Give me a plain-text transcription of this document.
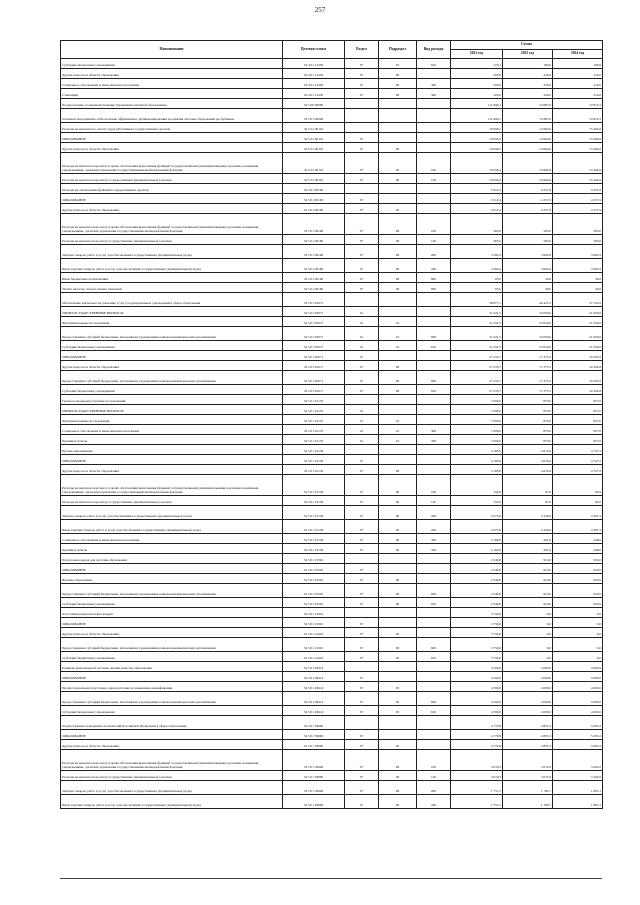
257
Наименование	Целевая статья	Раздел	Подраздел	Вид расхода	Сумма		
					2022 год	2023 год	2024 год
Субсидии бюджетным учреждениям	34 4 01 21450	07	05	610	179,1	190,0	196,9
Другие вопросы в области образования	34 4 01 21450	07	09		320,0	226,0	214,0
Социальное обеспечение и иные выплаты населению	34 4 01 21450	07	09	300	320,0	226,0	214,0
Стипендии	34 4 01 21450	07	09	340	320,0	226,0	214,0
Подпрограмма «Совершенствование управления системой образования»	34 5 00 00000				111 690,1	74 987,6	72 812,5
Основное мероприятие «Обеспечение эффективного функционирования и развития системы образования республики»	34 5 01 00000				111 690,1	74 987,6	72 812,5
Расходы на выплаты по оплате труда работников государственных органов	34 5 01 00110				19 936,2	14 994,6	15 494,6
ОБРАЗОВАНИЕ	34 5 01 00110	07			19 936,2	14 994,6	15 494,6
Другие вопросы в области образования	34 5 01 00110	07	09		19 936,2	14 994,6	15 494,6
Расходы на выплаты персоналу в целях обеспечения выполнения функций государственными (муниципальными) органами, казенными учреждениями, органами управления государственными внебюджетными фондами	34 5 01 00110	07	09	100	19 936,2	14 994,6	15 494,6
Расходы на выплаты персоналу государственных (муниципальных) органов	34 5 01 00110	07	09	120	19 936,2	14 994,6	15 494,6
Расходы на обеспечение функций государственных органов	34 5 01 00190				5 912,4	4 257,9	4 257,9
ОБРАЗОВАНИЕ	34 5 01 00190	07			5 912,4	4 257,9	4 257,9
Другие вопросы в области образования	34 5 01 00190	07	09		5 912,4	4 257,9	4 257,9
Расходы на выплаты персоналу в целях обеспечения выполнения функций государственными (муниципальными) органами, казенными учреждениями, органами управления государственными внебюджетными фондами	34 5 01 00190	07	09	100	565,0	565,0	565,0
Расходы на выплаты персоналу государственных (муниципальных) органов	34 5 01 00190	07	09	120	565,0	565,0	565,0
Закупка товаров, работ и услуг для обеспечения государственных (муниципальных) нужд	34 5 01 00190	07	09	200	5 282,4	3 662,9	3 662,9
Иные закупки товаров, работ и услуг для обеспечения государственных (муниципальных) нужд	34 5 01 00190	07	09	240	5 282,4	3 662,9	3 662,9
Иные бюджетные ассигнования	34 5 01 00190	07	09	800	65,0	30,0	30,0
Уплата налогов, сборов и иных платежей	34 5 01 00190	07	09	850	65,0	30,0	30,0
Обеспечение деятельности (оказание услуг) государственных учреждений в сфере образования	34 5 01 05071				58 877,1	40 425,5	37 552,6
ОБЩЕГОСУДАРСТВЕННЫЕ ВОПРОСЫ	34 5 01 05071	01			31 641,5	23 050,0	21 050,0
Фундаментальные исследования	34 5 01 05071	01	10		31 641,5	23 050,0	21 050,0
Предоставление субсидий бюджетным, автономным учреждениям и иным некоммерческим организациям	34 5 01 05071	01	10	600	31 641,5	23 050,0	21 050,0
Субсидии бюджетным учреждениям	34 5 01 05071	01	10	610	31 641,5	23 050,0	21 050,0
ОБРАЗОВАНИЕ	34 5 01 05071	07			27 235,7	17 375,5	16 502,6
Другие вопросы в области образования	34 5 01 05071	07	09		27 235,7	17 375,5	16 502,6
Предоставление субсидий бюджетным, автономным учреждениям и иным некоммерческим организациям	34 5 01 05071	07	09	600	27 235,7	17 375,5	16 502,6
Субсидии бюджетным учреждениям	34 5 01 05071	07	09	610	27 235,7	17 375,5	16 502,6
Гранты в поддержку научных исследований	34 5 01 10135				7 000,0	870,0	827,0
ОБЩЕГОСУДАРСТВЕННЫЕ ВОПРОСЫ	34 5 01 10135	01			7 000,0	870,0	827,0
Фундаментальные исследования	34 5 01 10135	01	10		7 000,0	870,0	827,0
Социальное обеспечение и иные выплаты населению	34 5 01 10135	01	10	300	7 000,0	870,0	827,0
Премии и гранты	34 5 01 10135	01	10	350	7 000,0	870,0	827,0
Прочие мероприятия	34 5 01 10139				4 183,6	4 674,6	4 727,2
ОБРАЗОВАНИЕ	34 5 01 10139	07			4 183,6	4 674,6	4 727,2
Другие вопросы в области образования	34 5 01 10139	07	09		4 183,6	4 674,6	4 727,2
Расходы на выплаты персоналу в целях обеспечения выполнения функций государственными (муниципальными) органами, казенными учреждениями, органами управления государственными внебюджетными фондами	34 5 01 10139	07	09	100	150,0	87,0	92,0
Расходы на выплаты персоналу государственных (муниципальных) органов	34 5 01 10139	07	09	120	150,0	87,0	92,0
Закупка товаров, работ и услуг для обеспечения государственных (муниципальных) нужд	34 5 01 10139	07	09	200	2 073,6	4 326,6	4 397,2
Иные закупки товаров, работ и услуг для обеспечения государственных (муниципальных) нужд	34 5 01 10139	07	09	240	2 073,6	4 326,6	4 397,2
Социальное обеспечение и иные выплаты населению	34 5 01 10139	07	09	300	2 160,0	261,0	248,0
Премии и гранты	34 5 01 10139	07	09	350	2 160,0	261,0	248,0
Подготовка кадров для системы образования	34 5 01 10361				2 540,0	910,0	950,0
ОБРАЗОВАНИЕ	34 5 01 10361	07			2 540,0	910,0	950,0
Высшее образование	34 5 01 10361	07	06		2 540,0	910,0	950,0
Предоставление субсидий бюджетным, автономным учреждениям и иным некоммерческим организациям	34 5 01 10361	07	06	600	2 540,0	910,0	950,0
Субсидии бюджетным учреждениям	34 5 01 10361	07	06	610	2 540,0	910,0	950,0
Аттестация педагогических кадров	34 5 01 21610				3 750,0	0,0	0,0
ОБРАЗОВАНИЕ	34 5 01 21610	07			3 750,0	0,0	0,0
Другие вопросы в области образования	34 5 01 21610	07	09		3 750,0	0,0	0,0
Предоставление субсидий бюджетным, автономным учреждениям и иным некоммерческим организациям	34 5 01 21610	07	09	600	3 750,0	0,0	0,0
Субсидии бюджетным учреждениям	34 5 01 21610	07	09	610	3 750,0	0,0	0,0
Развитие региональной системы оценки качества образования	34 5 01 28414				4 500,0	4 000,0	4 000,0
ОБРАЗОВАНИЕ	34 5 01 28414	07			4 500,0	4 000,0	4 000,0
Профессиональная подготовка, переподготовка и повышение квалификации	34 5 01 28414	07	05		4 500,0	4 000,0	4 000,0
Предоставление субсидий бюджетным, автономным учреждениям и иным некоммерческим организациям	34 5 01 28414	07	05	600	4 500,0	4 000,0	4 000,0
Субсидии бюджетным учреждениям	34 5 01 28414	07	05	610	4 500,0	4 000,0	4 000,0
Осуществление переданных полномочий Российской Федерации в сфере образования	34 5 01 59900				4 770,8	4 855,3	5 003,2
ОБРАЗОВАНИЕ	34 5 01 59900	07			4 770,8	4 855,3	5 003,2
Другие вопросы в области образования	34 5 01 59900	07	09		4 770,8	4 855,3	5 003,2
Расходы на выплаты персоналу в целях обеспечения выполнения функций государственными (муниципальными) органами, казенными учреждениями, органами управления государственными внебюджетными фондами	34 5 01 59900	07	09	100	3 019,3	3 072,6	3 202,0
Расходы на выплаты персоналу государственных (муниципальных) органов	34 5 01 59900	07	09	120	3 019,3	3 072,6	3 202,0
Закупка товаров, работ и услуг для обеспечения государственных (муниципальных) нужд	34 5 01 59900	07	09	200	1 751,5	1 782,7	1 801,2
Иные закупки товаров, работ и услуг для обеспечения государственных (муниципальных) нужд	34 5 01 59900	07	09	240	1 751,5	1 782,7	1 801,2
